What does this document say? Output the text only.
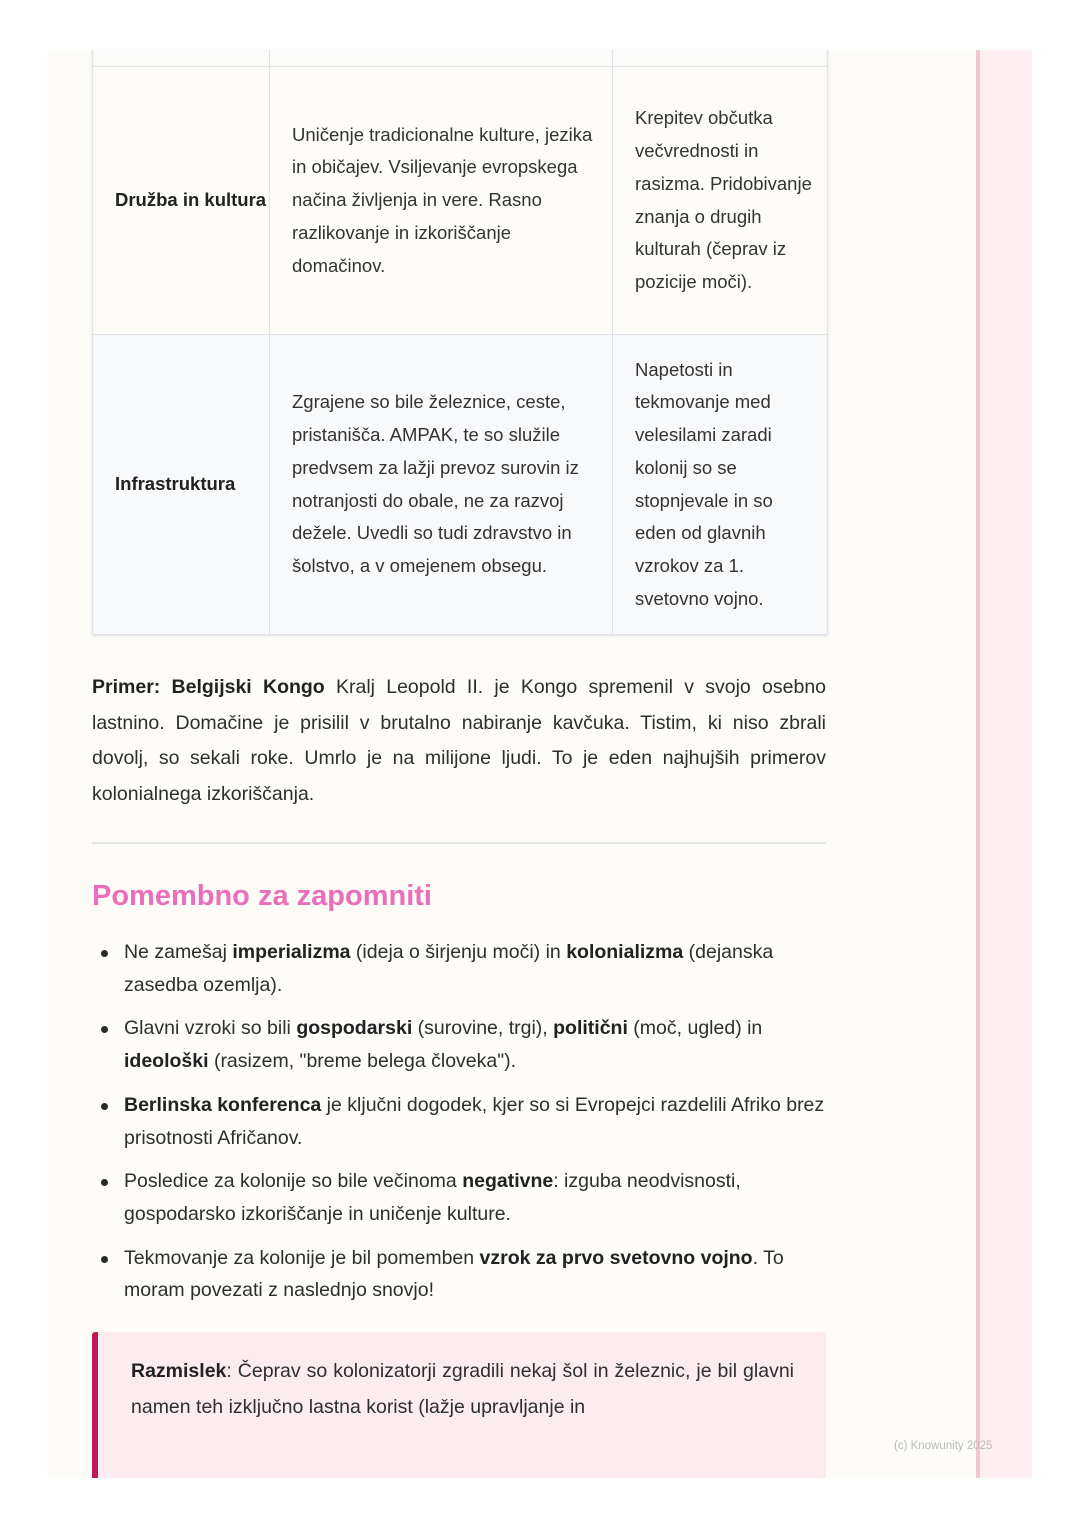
Družba in kultura
Uničenje tradicionalne kulture, jezika in običajev. Vsiljevanje evropskega načina življenja in vere. Rasno razlikovanje in izkoriščanje domačinov.
Krepitev občutka večvrednosti in rasizma. Pridobivanje znanja o drugih kulturah (čeprav iz pozicije moči).
Infrastruktura
Zgrajene so bile železnice, ceste, pristanišča. AMPAK, te so služile predvsem za lažji prevoz surovin iz notranjosti do obale, ne za razvoj dežele. Uvedli so tudi zdravstvo in šolstvo, a v omejenem obsegu.
Napetosti in tekmovanje med velesilami zaradi kolonij so se stopnjevale in so eden od glavnih vzrokov za 1. svetovno vojno.
Primer: Belgijski Kongo Kralj Leopold II. je Kongo spremenil v svojo osebno lastnino. Domačine je prisilil v brutalno nabiranje kavčuka. Tistim, ki niso zbrali dovolj, so sekali roke. Umrlo je na milijone ljudi. To je eden najhujših primerov kolonialnega izkoriščanja.
Pomembno za zapomniti
Ne zamešaj imperializma (ideja o širjenju moči) in kolonializma (dejanska zasedba ozemlja).
Glavni vzroki so bili gospodarski (surovine, trgi), politični (moč, ugled) in ideološki (rasizem, "breme belega človeka").
Berlinska konferenca je ključni dogodek, kjer so si Evropejci razdelili Afriko brez prisotnosti Afričanov.
Posledice za kolonije so bile večinoma negativne: izguba neodvisnosti, gospodarsko izkoriščanje in uničenje kulture.
Tekmovanje za kolonije je bil pomemben vzrok za prvo svetovno vojno. To moram povezati z naslednjo snovjo!
Razmislek: Čeprav so kolonizatorji zgradili nekaj šol in železnic, je bil glavni namen teh izključno lastna korist (lažje upravljanje in
(c) Knowunity 2025
